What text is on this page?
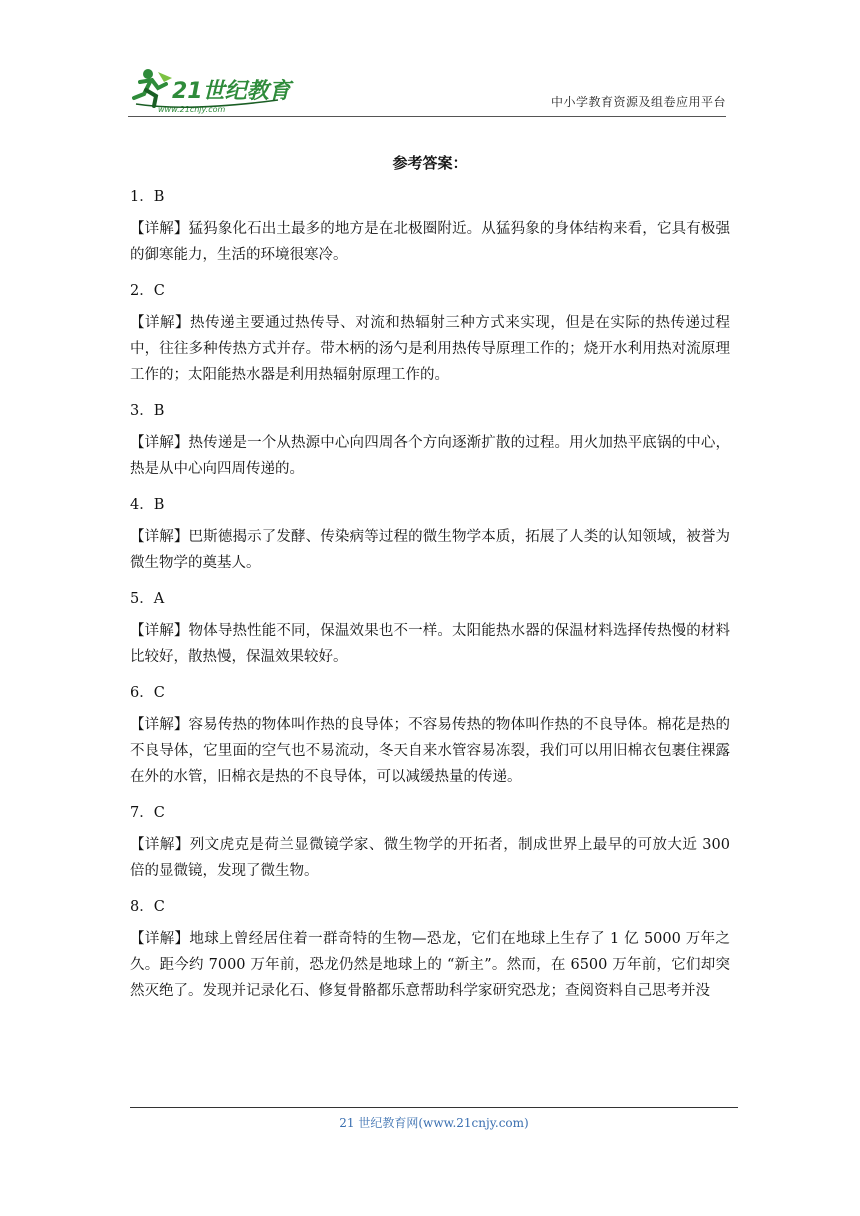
21世纪教育
www.21cnjy.com
中小学教育资源及组卷应用平台
参考答案：
1．B
【详解】猛犸象化石出土最多的地方是在北极圈附近。从猛犸象的身体结构来看，它具有极强的御寒能力，生活的环境很寒冷。
2．C
【详解】热传递主要通过热传导、对流和热辐射三种方式来实现，但是在实际的热传递过程中，往往多种传热方式并存。带木柄的汤勺是利用热传导原理工作的；烧开水利用热对流原理工作的；太阳能热水器是利用热辐射原理工作的。
3．B
【详解】热传递是一个从热源中心向四周各个方向逐渐扩散的过程。用火加热平底锅的中心，热是从中心向四周传递的。
4．B
【详解】巴斯德揭示了发酵、传染病等过程的微生物学本质，拓展了人类的认知领域，被誉为微生物学的奠基人。
5．A
【详解】物体导热性能不同，保温效果也不一样。太阳能热水器的保温材料选择传热慢的材料比较好，散热慢，保温效果较好。
6．C
【详解】容易传热的物体叫作热的良导体；不容易传热的物体叫作热的不良导体。棉花是热的不良导体，它里面的空气也不易流动，冬天自来水管容易冻裂，我们可以用旧棉衣包裹住裸露在外的水管，旧棉衣是热的不良导体，可以减缓热量的传递。
7．C
【详解】列文虎克是荷兰显微镜学家、微生物学的开拓者，制成世界上最早的可放大近 300 倍的显微镜，发现了微生物。
8．C
【详解】地球上曾经居住着一群奇特的生物—恐龙，它们在地球上生存了 1 亿 5000 万年之久。距今约 7000 万年前，恐龙仍然是地球上的 “新主”。然而，在 6500 万年前，它们却突然灭绝了。发现并记录化石、修复骨骼都乐意帮助科学家研究恐龙；查阅资料自己思考并没
21 世纪教育网(www.21cnjy.com)
